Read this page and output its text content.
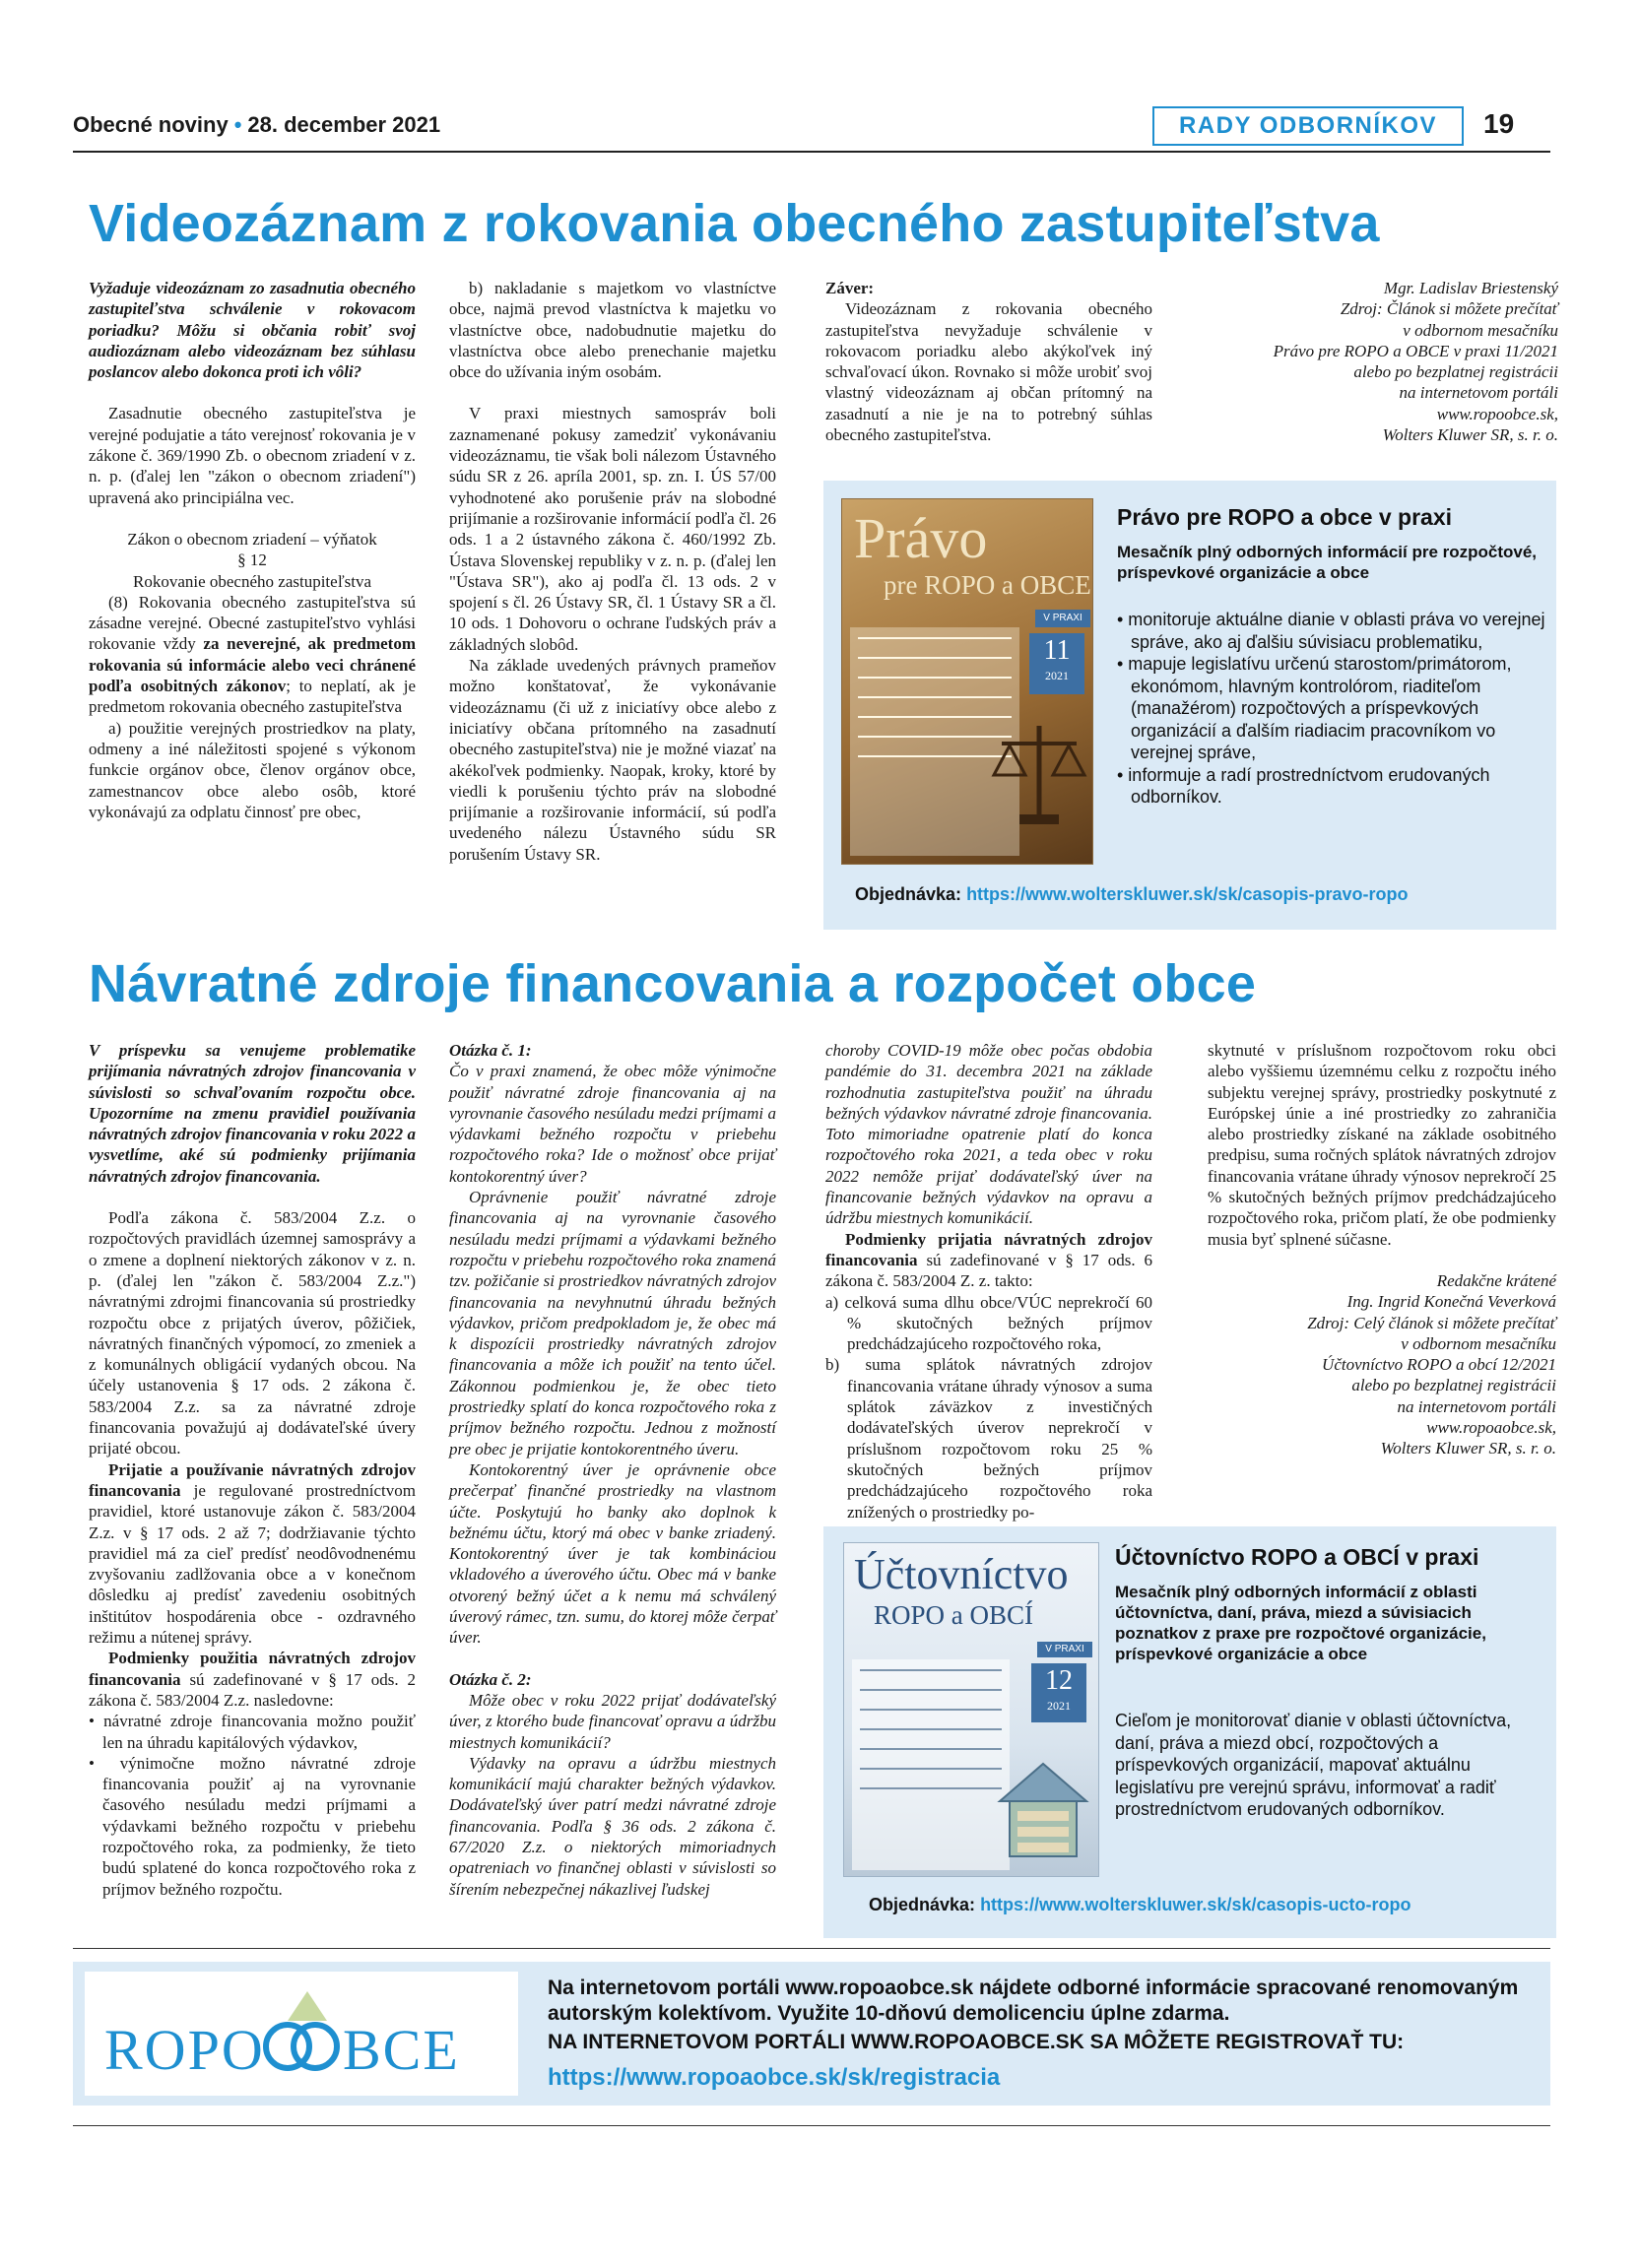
Obecné noviny • 28. december 2021	RADY ODBORNÍKOV	19
Videozáznam z rokovania obecného zastupiteľstva

Vyžaduje videozáznam zo zasadnutia obecného zastupiteľstva schválenie v rokovacom poriadku? Môžu si občania robiť svoj audiozáznam alebo videozáznam bez súhlasu poslancov alebo dokonca proti ich vôli?

Zasadnutie obecného zastupiteľstva je verejné podujatie a táto verejnosť rokovania je v zákone č. 369/1990 Zb. o obecnom zriadení v z. n. p. (ďalej len "zákon o obecnom zriadení") upravená ako principiálna vec.

Zákon o obecnom zriadení – výňatok

§ 12

Rokovanie obecného zastupiteľstva

(8) Rokovania obecného zastupiteľstva sú zásadne verejné. Obecné zastupiteľstvo vyhlási rokovanie vždy za neverejné, ak predmetom rokovania sú informácie alebo veci chránené podľa osobitných zákonov; to neplatí, ak je predmetom rokovania obecného zastupiteľstva

a) použitie verejných prostriedkov na platy, odmeny a iné náležitosti spojené s výkonom funkcie orgánov obce, členov orgánov obce, zamestnancov obce alebo osôb, ktoré vykonávajú za odplatu činnosť pre obec,

b) nakladanie s majetkom vo vlastníctve obce, najmä prevod vlastníctva k majetku vo vlastníctve obce, nadobudnutie majetku do vlastníctva obce alebo prenechanie majetku obce do užívania iným osobám.

V praxi miestnych samospráv boli zaznamenané pokusy zamedziť vykonávaniu videozáznamu, tie však boli nálezom Ústavného súdu SR z 26. apríla 2001, sp. zn. I. ÚS 57/00 vyhodnotené ako porušenie práv na slobodné prijímanie a rozširovanie informácií podľa čl. 26 ods. 1 a 2 ústavného zákona č. 460/1992 Zb. Ústava Slovenskej republiky v z. n. p. (ďalej len "Ústava SR"), ako aj podľa čl. 13 ods. 2 v spojení s čl. 26 Ústavy SR, čl. 1 Ústavy SR a čl. 10 ods. 1 Dohovoru o ochrane ľudských práv a základných slobôd.

Na základe uvedených právnych prameňov možno konštatovať, že vykonávanie videozáznamu (či už z iniciatívy obce alebo z iniciatívy občana prítomného na zasadnutí obecného zastupiteľstva) nie je možné viazať na akékoľvek podmienky. Naopak, kroky, ktoré by viedli k porušeniu týchto práv na slobodné prijímanie a rozširovanie informácií, sú podľa uvedeného nálezu Ústavného súdu SR porušením Ústavy SR.

Záver:

Videozáznam z rokovania obecného zastupiteľstva nevyžaduje schválenie v rokovacom poriadku alebo akýkoľvek iný schvaľovací úkon. Rovnako si môže urobiť svoj vlastný videozáznam aj občan prítomný na zasadnutí a nie je na to potrebný súhlas obecného zastupiteľstva.

Mgr. Ladislav Briestenský

Zdroj: Článok si môžete prečítať

v odbornom mesačníku

Právo pre ROPO a OBCE v praxi 11/2021

alebo po bezplatnej registrácii

na internetovom portáli

www.ropoobce.sk,

Wolters Kluwer SR, s. r. o.

Právo
pre ROPO a OBCE
V PRAXI
11
2021
Právo pre ROPO a obce v praxi
Mesačník plný odborných informácií pre rozpočtové, príspevkové organizácie a obce

• monitoruje aktuálne dianie v oblasti práva vo verejnej správe, ako aj ďalšiu súvisiacu problematiku,

• mapuje legislatívu určenú starostom/primátorom, ekonómom, hlavným kontrolórom, riaditeľom (manažérom) rozpočtových a príspevkových organizácií a ďalším riadiacim pracovníkom vo verejnej správe,

• informuje a radí prostredníctvom erudovaných odborníkov.

Objednávka: https://www.wolterskluwer.sk/sk/casopis-pravo-ropo
Návratné zdroje financovania a rozpočet obce

V príspevku sa venujeme problematike prijímania návratných zdrojov financovania v súvislosti so schvaľovaním rozpočtu obce. Upozorníme na zmenu pravidiel používania návratných zdrojov financovania v roku 2022 a vysvetlíme, aké sú podmienky prijímania návratných zdrojov financovania.

Podľa zákona č. 583/2004 Z.z. o rozpočtových pravidlách územnej samosprávy a o zmene a doplnení niektorých zákonov v z. n. p. (ďalej len "zákon č. 583/2004 Z.z.") návratnými zdrojmi financovania sú prostriedky rozpočtu obce z prijatých úverov, pôžičiek, návratných finančných výpomocí, zo zmeniek a z komunálnych obligácií vydaných obcou. Na účely ustanovenia § 17 ods. 2 zákona č. 583/2004 Z.z. sa za návratné zdroje financovania považujú aj dodávateľské úvery prijaté obcou.

Prijatie a používanie návratných zdrojov financovania je regulované prostredníctvom pravidiel, ktoré ustanovuje zákon č. 583/2004 Z.z. v § 17 ods. 2 až 7; dodržiavanie týchto pravidiel má za cieľ predísť neodôvodnenému zvyšovaniu zadlžovania obce a v konečnom dôsledku aj predísť zavedeniu osobitných inštitútov hospodárenia obce - ozdravného režimu a nútenej správy.

Podmienky použitia návratných zdrojov financovania sú zadefinované v § 17 ods. 2 zákona č. 583/2004 Z.z. nasledovne:

• návratné zdroje financovania možno použiť len na úhradu kapitálových výdavkov,

• výnimočne možno návratné zdroje financovania použiť aj na vyrovnanie časového nesúladu medzi príjmami a výdavkami bežného rozpočtu v priebehu rozpočtového roka, za podmienky, že tieto budú splatené do konca rozpočtového roka z príjmov bežného rozpočtu.

Otázka č. 1:

Čo v praxi znamená, že obec môže výnimočne použiť návratné zdroje financovania aj na vyrovnanie časového nesúladu medzi príjmami a výdavkami bežného rozpočtu v priebehu rozpočtového roka? Ide o možnosť obce prijať kontokorentný úver?

Oprávnenie použiť návratné zdroje financovania aj na vyrovnanie časového nesúladu medzi príjmami a výdavkami bežného rozpočtu v priebehu rozpočtového roka znamená tzv. požičanie si prostriedkov návratných zdrojov financovania na nevyhnutnú úhradu bežných výdavkov, pričom predpokladom je, že obec má k dispozícii prostriedky návratných zdrojov financovania a môže ich použiť na tento účel. Zákonnou podmienkou je, že obec tieto prostriedky splatí do konca rozpočtového roka z príjmov bežného rozpočtu. Jednou z možností pre obec je prijatie kontokorentného úveru.

Kontokorentný úver je oprávnenie obce prečerpať finančné prostriedky na vlastnom účte. Poskytujú ho banky ako doplnok k bežnému účtu, ktorý má obec v banke zriadený. Kontokorentný úver je tak kombináciou vkladového a úverového účtu. Obec má v banke otvorený bežný účet a k nemu má schválený úverový rámec, tzn. sumu, do ktorej môže čerpať úver.

Otázka č. 2:

Môže obec v roku 2022 prijať dodávateľský úver, z ktorého bude financovať opravu a údržbu miestnych komunikácií?

Výdavky na opravu a údržbu miestnych komunikácií majú charakter bežných výdavkov. Dodávateľský úver patrí medzi návratné zdroje financovania. Podľa § 36 ods. 2 zákona č. 67/2020 Z.z. o niektorých mimoriadnych opatreniach vo finančnej oblasti v súvislosti so šírením nebezpečnej nákazlivej ľudskej

choroby COVID-19 môže obec počas obdobia pandémie do 31. decembra 2021 na základe rozhodnutia zastupiteľstva použiť na úhradu bežných výdavkov návratné zdroje financovania. Toto mimoriadne opatrenie platí do konca rozpočtového roka 2021, a teda obec v roku 2022 nemôže prijať dodávateľský úver na financovanie bežných výdavkov na opravu a údržbu miestnych komunikácií.

Podmienky prijatia návratných zdrojov financovania sú zadefinované v § 17 ods. 6 zákona č. 583/2004 Z. z. takto:

a) celková suma dlhu obce/VÚC neprekročí 60 % skutočných bežných príjmov predchádzajúceho rozpočtového roka,

b) suma splátok návratných zdrojov financovania vrátane úhrady výnosov a suma splátok záväzkov z investičných dodávateľských úverov neprekročí v príslušnom rozpočtovom roku 25 % skutočných bežných príjmov predchádzajúceho rozpočtového roka znížených o prostriedky po-

skytnuté v príslušnom rozpočtovom roku obci alebo vyššiemu územnému celku z rozpočtu iného subjektu verejnej správy, prostriedky poskytnuté z Európskej únie a iné prostriedky zo zahraničia alebo prostriedky získané na základe osobitného predpisu, suma ročných splátok návratných zdrojov financovania vrátane úhrady výnosov neprekročí 25 % skutočných bežných príjmov predchádzajúceho rozpočtového roka, pričom platí, že obe podmienky musia byť splnené súčasne.

Redakčne krátené

Ing. Ingrid Konečná Veverková

Zdroj: Celý článok si môžete prečítať

v odbornom mesačníku

Účtovníctvo ROPO a obcí 12/2021

alebo po bezplatnej registrácii

na internetovom portáli

www.ropoaobce.sk,

Wolters Kluwer SR, s. r. o.

Účtovníctvo
ROPO a OBCÍ
V PRAXI
12
2021
Účtovníctvo ROPO a OBCÍ v praxi
Mesačník plný odborných informácií z oblasti účtovníctva, daní, práva, miezd a súvisiacich poznatkov z praxe pre rozpočtové organizácie, príspevkové organizácie a obce
Cieľom je monitorovať dianie v oblasti účtovníctva, daní, práva a miezd obcí, rozpočtových a príspevkových organizácií, mapovať aktuálnu legislatívu pre verejnú správu, informovať a radiť prostredníctvom erudovaných odborníkov.
Objednávka: https://www.wolterskluwer.sk/sk/casopis-ucto-ropo
ROPO BCE
Na internetovom portáli www.ropoaobce.sk nájdete odborné informácie spracované renomovaným autorským kolektívom. Využite 10-dňovú demolicenciu úplne zdarma.
NA INTERNETOVOM PORTÁLI WWW.ROPOAOBCE.SK SA MÔŽETE REGISTROVAŤ TU:
https://www.ropoaobce.sk/sk/registracia
